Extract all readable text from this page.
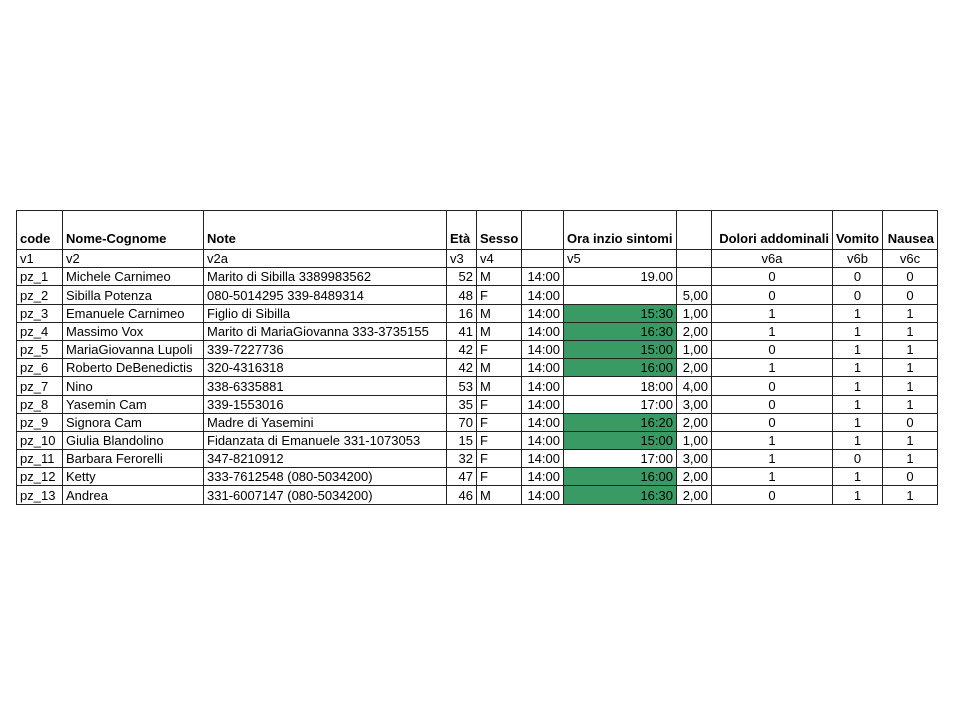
code	Nome-Cognome	Note	Età	Sesso		Ora inzio sintomi		Dolori addominali	Vomito	Nausea
v1	v2	v2a	v3	v4		v5		v6a	v6b	v6c
pz_1	Michele Carnimeo	Marito di Sibilla 3389983562	52	M	14:00	19.00		0	0	0
pz_2	Sibilla Potenza	080-5014295 339-8489314	48	F	14:00		5,00	0	0	0
pz_3	Emanuele Carnimeo	Figlio di Sibilla	16	M	14:00	15:30	1,00	1	1	1
pz_4	Massimo Vox	Marito di MariaGiovanna 333-3735155	41	M	14:00	16:30	2,00	1	1	1
pz_5	MariaGiovanna Lupoli	339-7227736	42	F	14:00	15:00	1,00	0	1	1
pz_6	Roberto DeBenedictis	320-4316318	42	M	14:00	16:00	2,00	1	1	1
pz_7	Nino	338-6335881	53	M	14:00	18:00	4,00	0	1	1
pz_8	Yasemin Cam	339-1553016	35	F	14:00	17:00	3,00	0	1	1
pz_9	Signora Cam	Madre di Yasemini	70	F	14:00	16:20	2,00	0	1	0
pz_10	Giulia Blandolino	Fidanzata di Emanuele 331-1073053	15	F	14:00	15:00	1,00	1	1	1
pz_11	Barbara Ferorelli	347-8210912	32	F	14:00	17:00	3,00	1	0	1
pz_12	Ketty	333-7612548 (080-5034200)	47	F	14:00	16:00	2,00	1	1	0
pz_13	Andrea	331-6007147 (080-5034200)	46	M	14:00	16:30	2,00	0	1	1
